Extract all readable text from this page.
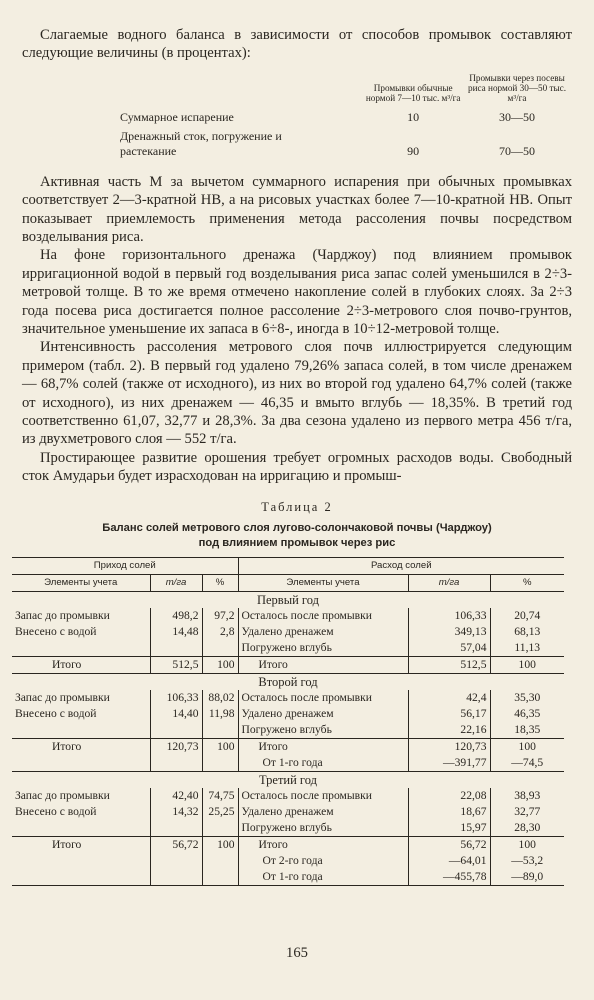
Слагаемые водного баланса в зависимости от способов промывок составляют следующие величины (в процентах):

	Промывки обычные нормой 7—10 тыс. м³/га	Промывки через посевы риса нормой 30—50 тыс. м³/га
Суммарное испарение	10	30—50
Дренажный сток, погружение и растекание	90	70—50

Активная часть М за вычетом суммарного испарения при обычных промывках соответствует 2—3-кратной НВ, а на рисовых участках более 7—10-кратной НВ. Опыт показывает приемлемость применения метода рассоления почвы посредством возделывания риса.

На фоне горизонтального дренажа (Чарджоу) под влиянием промывок ирригационной водой в первый год возделывания риса запас солей уменьшился в 2÷3-метровой толще. В то же время отмечено накопление солей в глубоких слоях. За 2÷3 года посева риса достигается полное рассоление 2÷3-метрового слоя почво-грунтов, значительное уменьшение их запаса в 6÷8-, иногда в 10÷12-метровой толще.

Интенсивность рассоления метрового слоя почв иллюстрируется следующим примером (табл. 2). В первый год удалено 79,26% запаса солей, в том числе дренажем — 68,7% солей (также от исходного), из них во второй год удалено 64,7% солей (также от исходного), из них дренажем — 46,35 и вмыто вглубь — 18,35%. В третий год соответственно 61,07, 32,77 и 28,3%. За два сезона удалено из первого метра 456 т/га, из двухметрового слоя — 552 т/га.

Простирающее развитие орошения требует огромных расходов воды. Свободный сток Амударьи будет израсходован на ирригацию и промыш-

Таблица 2
Баланс солей метрового слоя лугово-солончаковой почвы (Чарджоу)
под влиянием промывок через рис
Приход солей			Расход солей		
Элементы учета	т/га	%	Элементы учета	т/га	%
Первый год					
Запас до промывки	498,2	97,2	Осталось после промывки	106,33	20,74
Внесено с водой	14,48	2,8	Удалено дренажем	349,13	68,13
			Погружено вглубь	57,04	11,13
Итого	512,5	100	Итого	512,5	100
Второй год					
Запас до промывки	106,33	88,02	Осталось после промывки	42,4	35,30
Внесено с водой	14,40	11,98	Удалено дренажем	56,17	46,35
			Погружено вглубь	22,16	18,35
Итого	120,73	100	Итого	120,73	100
			От 1-го года	—391,77	—74,5
Третий год					
Запас до промывки	42,40	74,75	Осталось после промывки	22,08	38,93
Внесено с водой	14,32	25,25	Удалено дренажем	18,67	32,77
			Погружено вглубь	15,97	28,30
Итого	56,72	100	Итого	56,72	100
			От 2-го года	—64,01	—53,2
			От 1-го года	—455,78	—89,0
165
